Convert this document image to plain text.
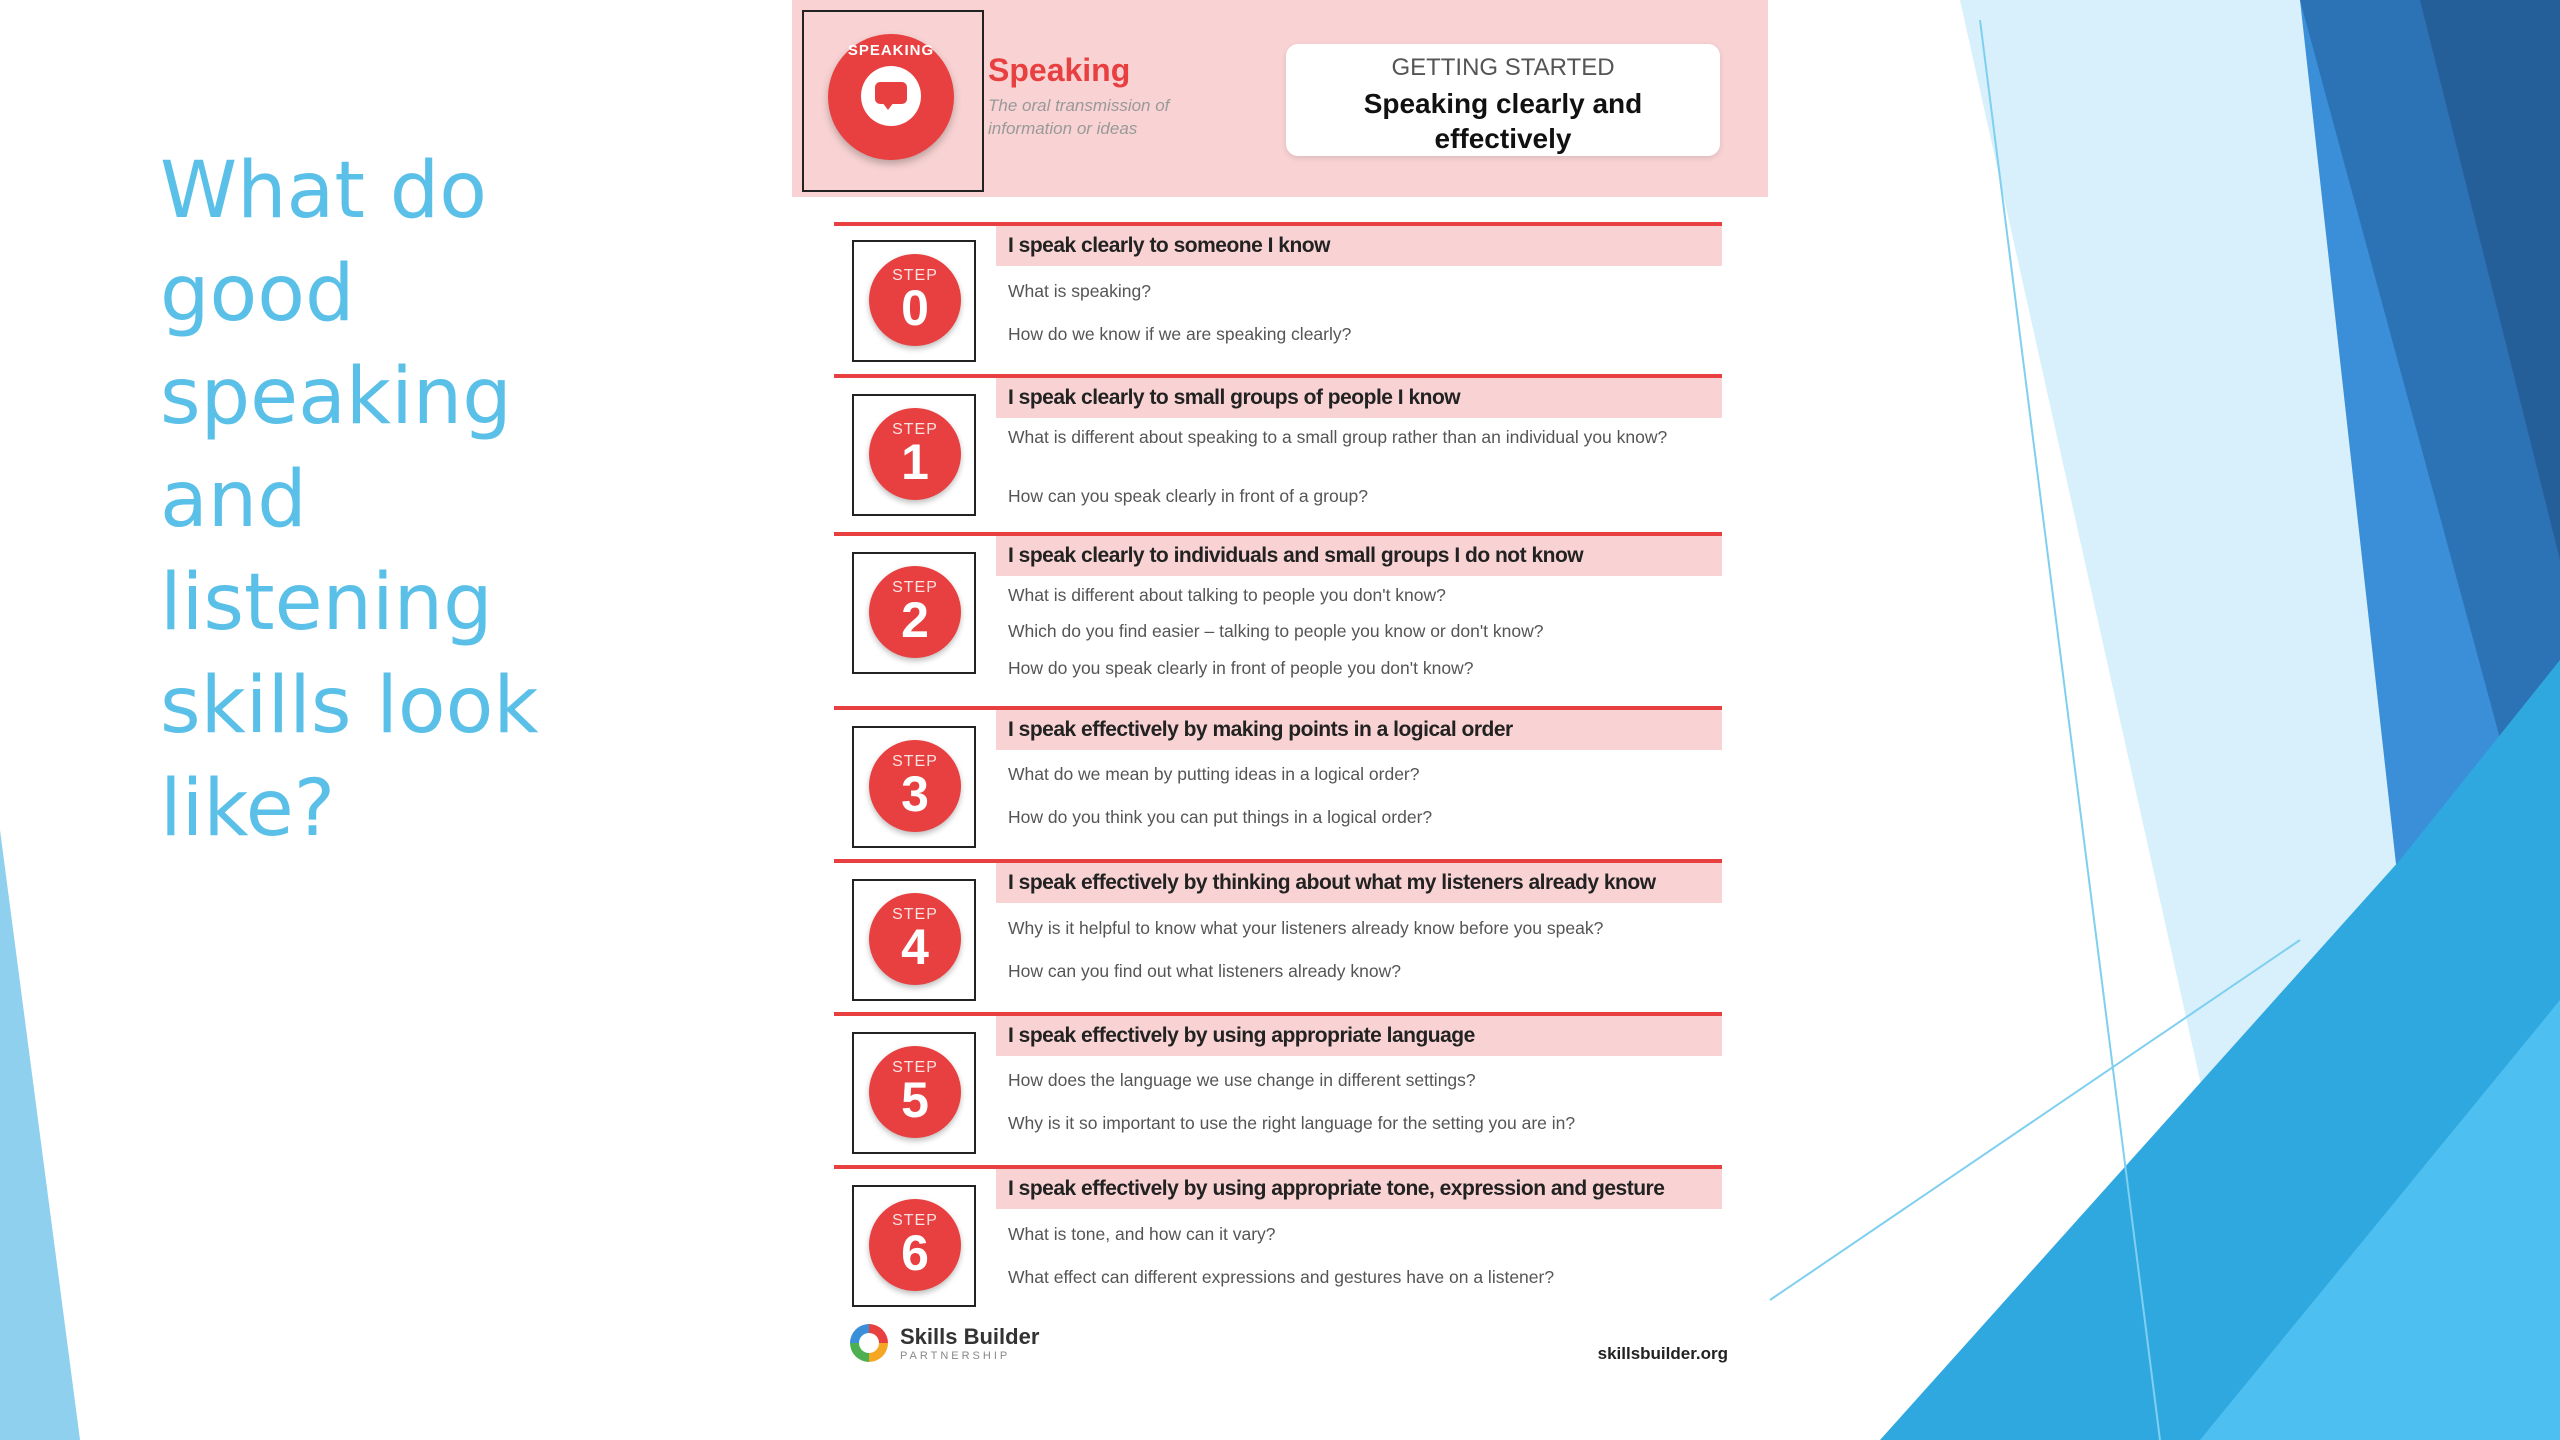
What do good speaking and listening skills look like?
SPEAKING
Speaking
The oral transmission of information or ideas
GETTING STARTED
Speaking clearly and effectively
I speak clearly to someone I know
STEP
0	What is speaking?
How do we know if we are speaking clearly?
I speak clearly to small groups of people I know
STEP
1	What is different about speaking to a small group rather than an individual you know?
How can you speak clearly in front of a group?
I speak clearly to individuals and small groups I do not know
STEP
2	What is different about talking to people you don't know?
Which do you find easier – talking to people you know or don't know?
How do you speak clearly in front of people you don't know?
I speak effectively by making points in a logical order
STEP
3	What do we mean by putting ideas in a logical order?
How do you think you can put things in a logical order?
I speak effectively by thinking about what my listeners already know
STEP
4	Why is it helpful to know what your listeners already know before you speak?
How can you find out what listeners already know?
I speak effectively by using appropriate language
STEP
5	How does the language we use change in different settings?
Why is it so important to use the right language for the setting you are in?
I speak effectively by using appropriate tone, expression and gesture
STEP
6	What is tone, and how can it vary?
What effect can different expressions and gestures have on a listener?
Skills Builder
PARTNERSHIP	skillsbuilder.org
